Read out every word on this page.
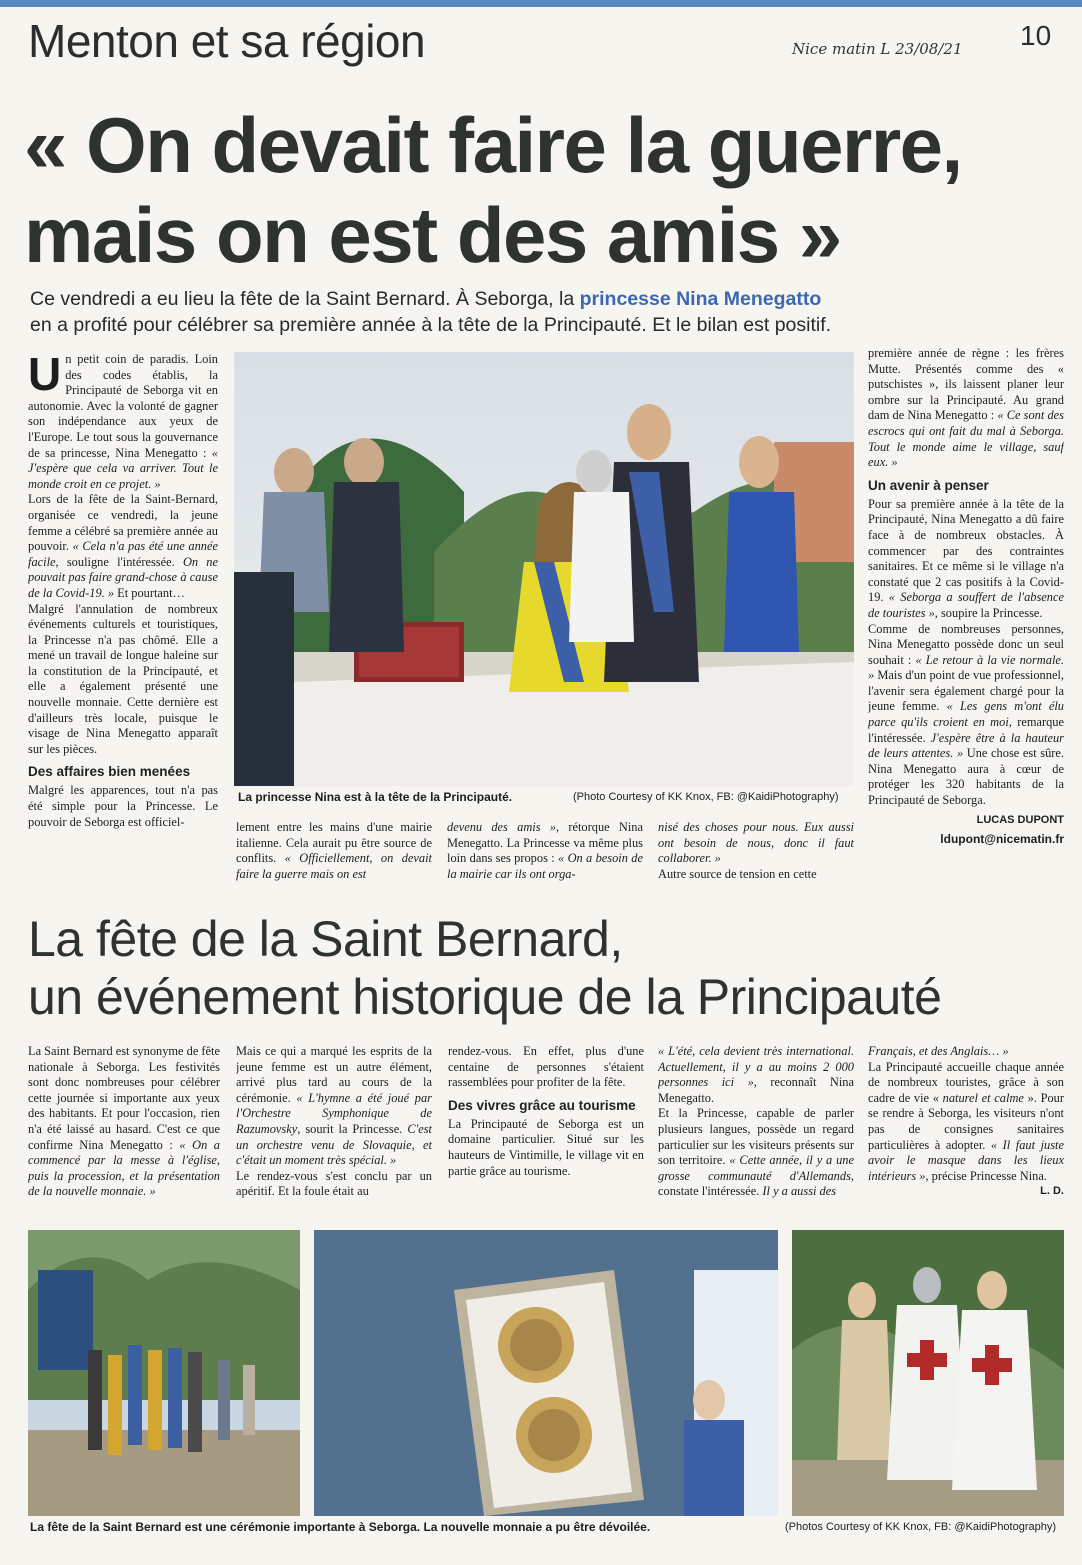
Menton et sa région	Nice matin L 23/08/21 10
« On devait faire la guerre,
mais on est des amis »
Ce vendredi a eu lieu la fête de la Saint Bernard. À Seborga, la princesse Nina Menegatto
en a profité pour célébrer sa première année à la tête de la Principauté. Et le bilan est positif.

Un petit coin de paradis. Loin des codes établis, la Principauté de Seborga vit en autonomie. Avec la volonté de gagner son indépendance aux yeux de l'Europe. Le tout sous la gouvernance de sa princesse, Nina Menegatto : « J'espère que cela va arriver. Tout le monde croit en ce projet. »

Lors de la fête de la Saint-Bernard, organisée ce vendredi, la jeune femme a célébré sa première année au pouvoir. « Cela n'a pas été une année facile, souligne l'intéressée. On ne pouvait pas faire grand-chose à cause de la Covid-19. » Et pourtant…

Malgré l'annulation de nombreux événements culturels et touristiques, la Princesse n'a pas chômé. Elle a mené un travail de longue haleine sur la constitution de la Principauté, et elle a également présenté une nouvelle monnaie. Cette dernière est d'ailleurs très locale, puisque le visage de Nina Menegatto apparaît sur les pièces.

Des affaires bien menées

Malgré les apparences, tout n'a pas été simple pour la Princesse. Le pouvoir de Seborga est officiel-

La princesse Nina est à la tête de la Principauté.	(Photo Courtesy of KK Knox, FB: @KaidiPhotography)

lement entre les mains d'une mairie italienne. Cela aurait pu être source de conflits. « Officiellement, on devait faire la guerre mais on est

devenu des amis », rétorque Nina Menegatto. La Princesse va même plus loin dans ses propos : « On a besoin de la mairie car ils ont orga-

nisé des choses pour nous. Eux aussi ont besoin de nous, donc il faut collaborer. »

Autre source de tension en cette

première année de règne : les frères Mutte. Présentés comme des « putschistes », ils laissent planer leur ombre sur la Principauté. Au grand dam de Nina Menegatto : « Ce sont des escrocs qui ont fait du mal à Seborga. Tout le monde aime le village, sauf eux. »

Un avenir à penser

Pour sa première année à la tête de la Principauté, Nina Menegatto a dû faire face à de nombreux obstacles. À commencer par des contraintes sanitaires. Et ce même si le village n'a constaté que 2 cas positifs à la Covid-19. « Seborga a souffert de l'absence de touristes », soupire la Princesse.

Comme de nombreuses personnes, Nina Menegatto possède donc un seul souhait : « Le retour à la vie normale. » Mais d'un point de vue professionnel, l'avenir sera également chargé pour la jeune femme. « Les gens m'ont élu parce qu'ils croient en moi, remarque l'intéressée. J'espère être à la hauteur de leurs attentes. » Une chose est sûre. Nina Menegatto aura à cœur de protéger les 320 habitants de la Principauté de Seborga.

LUCAS DUPONT
ldupont@nicematin.fr
La fête de la Saint Bernard,
un événement historique de la Principauté

La Saint Bernard est synonyme de fête nationale à Seborga. Les festivités sont donc nombreuses pour célébrer cette journée si importante aux yeux des habitants. Et pour l'occasion, rien n'a été laissé au hasard. C'est ce que confirme Nina Menegatto : « On a commencé par la messe à l'église, puis la procession, et la présentation de la nouvelle monnaie. »

Mais ce qui a marqué les esprits de la jeune femme est un autre élément, arrivé plus tard au cours de la cérémonie. « L'hymne a été joué par l'Orchestre Symphonique de Razumovsky, sourit la Princesse. C'est un orchestre venu de Slovaquie, et c'était un moment très spécial. »

Le rendez-vous s'est conclu par un apéritif. Et la foule était au

rendez-vous. En effet, plus d'une centaine de personnes s'étaient rassemblées pour profiter de la fête.

Des vivres grâce au tourisme

La Principauté de Seborga est un domaine particulier. Situé sur les hauteurs de Vintimille, le village vit en partie grâce au tourisme.

« L'été, cela devient très international. Actuellement, il y a au moins 2 000 personnes ici », reconnaît Nina Menegatto.

Et la Princesse, capable de parler plusieurs langues, possède un regard particulier sur les visiteurs présents sur son territoire. « Cette année, il y a une grosse communauté d'Allemands, constate l'intéressée. Il y a aussi des

Français, et des Anglais… »

La Principauté accueille chaque année de nombreux touristes, grâce à son cadre de vie « naturel et calme ». Pour se rendre à Seborga, les visiteurs n'ont pas de consignes sanitaires particulières à adopter. « Il faut juste avoir le masque dans les lieux intérieurs », précise Princesse Nina.

L. D.
La fête de la Saint Bernard est une cérémonie importante à Seborga. La nouvelle monnaie a pu être dévoilée.	(Photos Courtesy of KK Knox, FB: @KaidiPhotography)
